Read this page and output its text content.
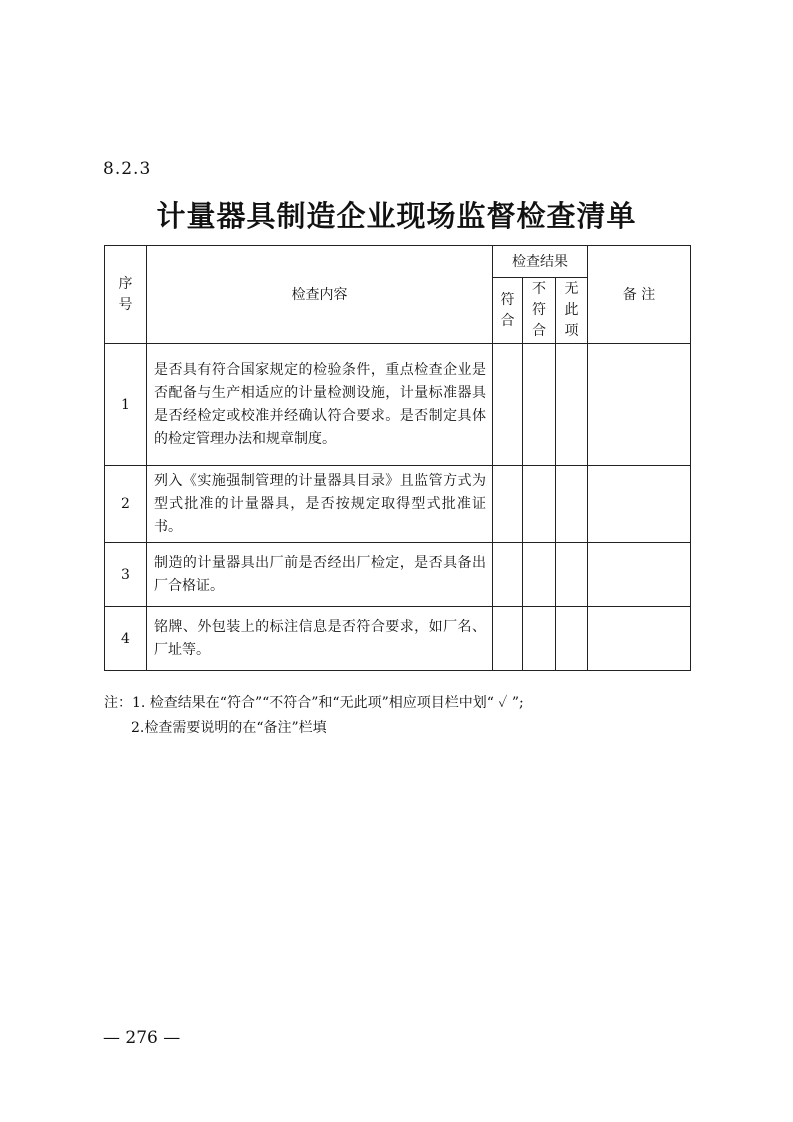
8.2.3
计量器具制造企业现场监督检查清单
序号	检查内容	检查结果			备 注
		符合	不符合	无此项	
1	是否具有符合国家规定的检验条件，重点检查企业是否配备与生产相适应的计量检测设施，计量标准器具是否经检定或校准并经确认符合要求。是否制定具体的检定管理办法和规章制度。				
2	列入《实施强制管理的计量器具目录》且监管方式为型式批准的计量器具，是否按规定取得型式批准证书。				
3	制造的计量器具出厂前是否经出厂检定，是否具备出厂合格证。				
4	铭牌、外包装上的标注信息是否符合要求，如厂名、厂址等。				
注：1. 检查结果在“符合”“不符合”和“无此项”相应项目栏中划“ ✓ ”;
2.检查需要说明的在“备注”栏填
— 276 —
